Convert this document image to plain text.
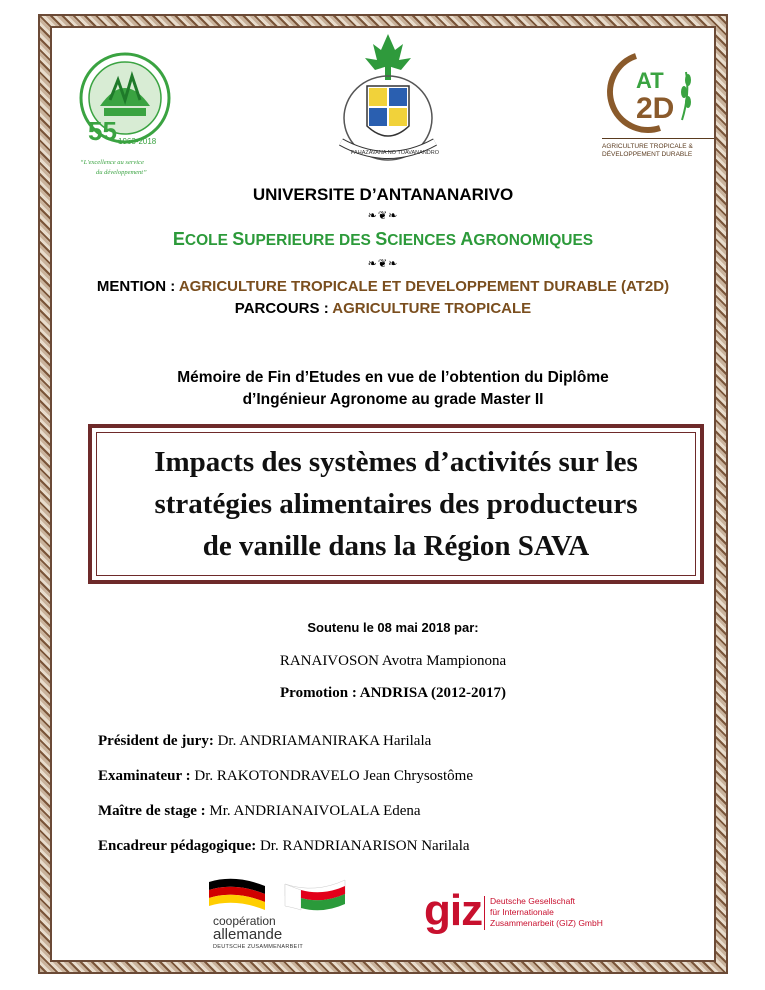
55 1963-2018
“L'excellence au service
du développement”
FAHAZAVANA NO TOAVANANDRO
AT
2D
AGRICULTURE TROPICALE &
DÉVELOPPEMENT DURABLE
UNIVERSITE D’ANTANANARIVO
❧❦❧
ECOLE SUPERIEURE DES SCIENCES AGRONOMIQUES
❧❦❧
MENTION : AGRICULTURE TROPICALE ET DEVELOPPEMENT DURABLE (AT2D)
PARCOURS : AGRICULTURE TROPICALE
Mémoire de Fin d’Etudes en vue de l’obtention du Diplôme
d’Ingénieur Agronome au grade Master II
Impacts des systèmes d’activités sur les
stratégies alimentaires des producteurs
de vanille dans la Région SAVA
Soutenu le 08 mai 2018 par:
RANAIVOSON Avotra Mampionona
Promotion : ANDRISA (2012-2017)
Président de jury: Dr. ANDRIAMANIRAKA Harilala
Examinateur : Dr. RAKOTONDRAVELO Jean Chrysostôme
Maître de stage : Mr. ANDRIANAIVOLALA Edena
Encadreur pédagogique: Dr. RANDRIANARISON Narilala
coopération
allemande
DEUTSCHE ZUSAMMENARBEIT
giz Deutsche Gesellschaft
für Internationale
Zusammenarbeit (GIZ) GmbH
